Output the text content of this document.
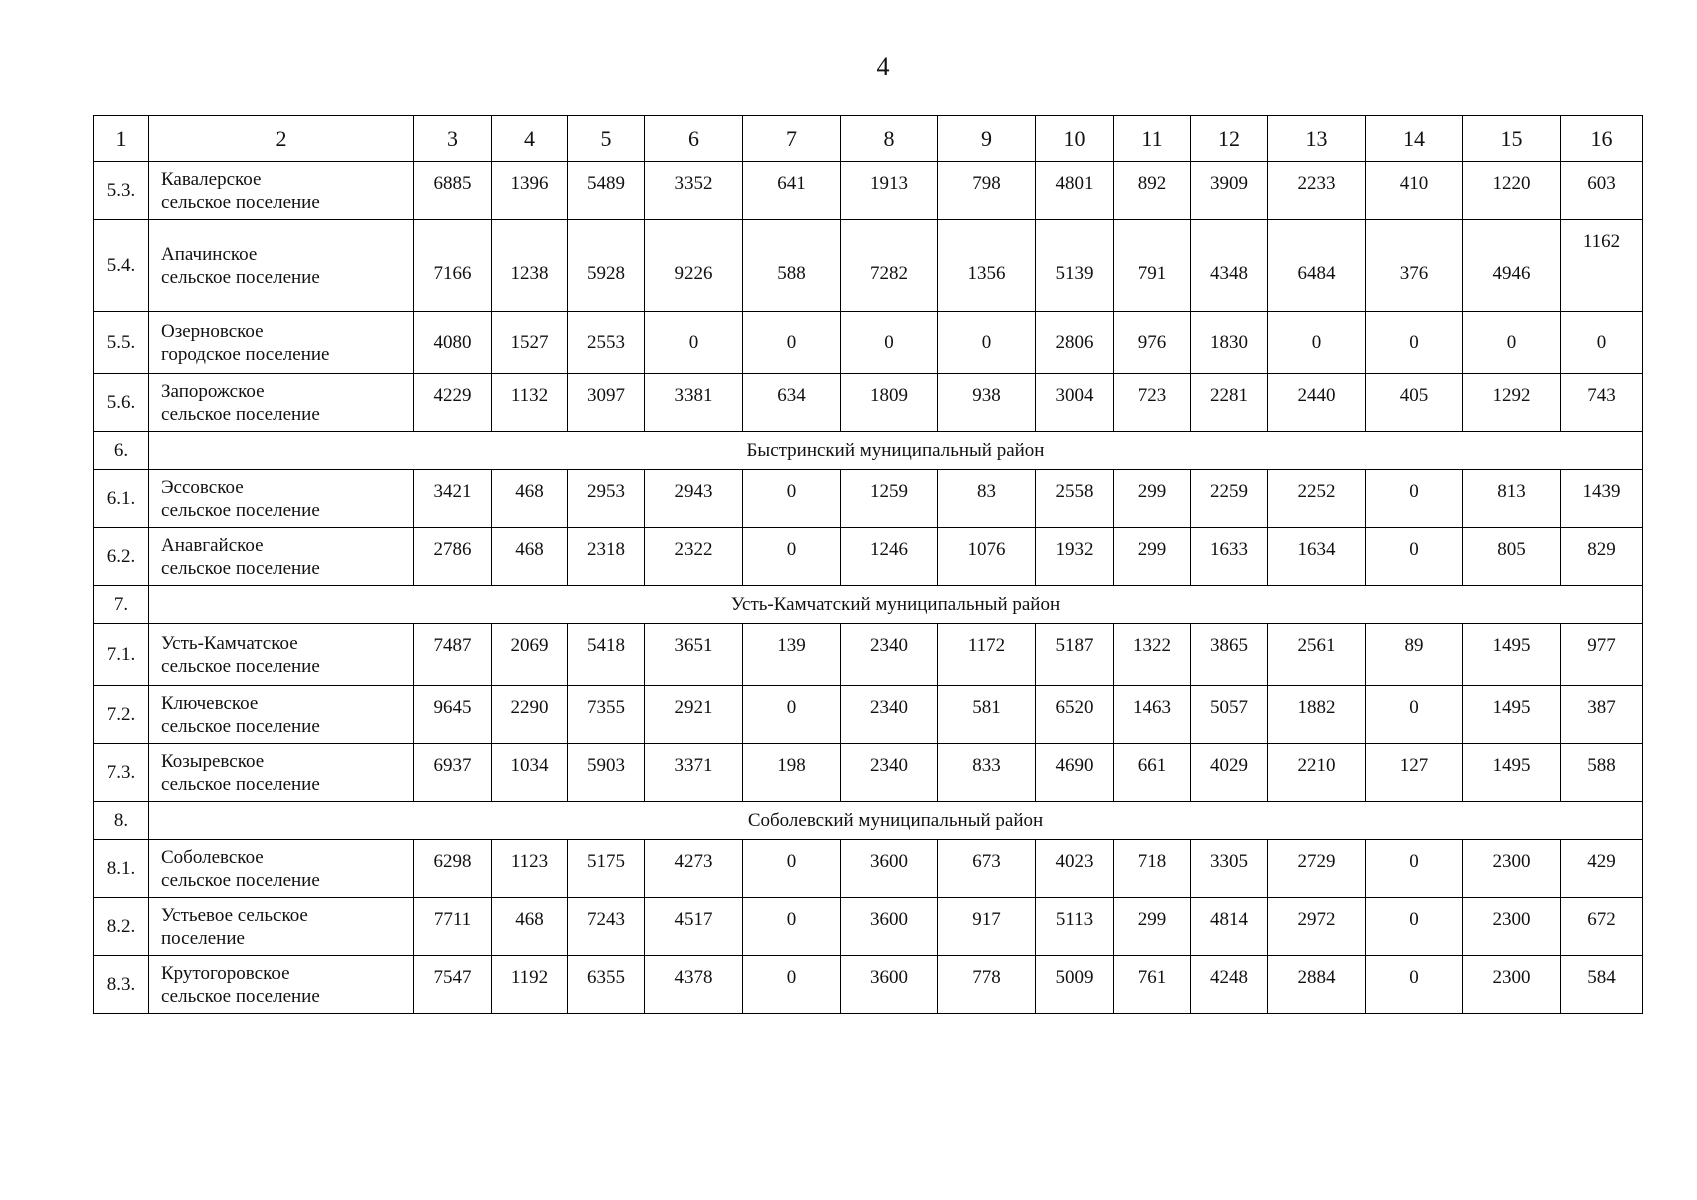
4
1	2	3	4	5	6	7	8	9	10	11	12	13	14	15	16
5.3.	Кавалерское
сельское поселение	6885	1396	5489	3352	641	1913	798	4801	892	3909	2233	410	1220	603
5.4.	Апачинское
сельское поселение	7166	1238	5928	9226	588	7282	1356	5139	791	4348	6484	376	4946	1162
5.5.	Озерновское
городское поселение	4080	1527	2553	0	0	0	0	2806	976	1830	0	0	0	0
5.6.	Запорожское
сельское поселение	4229	1132	3097	3381	634	1809	938	3004	723	2281	2440	405	1292	743
6.	Быстринский муниципальный район														
6.1.	Эссовское
сельское поселение	3421	468	2953	2943	0	1259	83	2558	299	2259	2252	0	813	1439
6.2.	Анавгайское
сельское поселение	2786	468	2318	2322	0	1246	1076	1932	299	1633	1634	0	805	829
7.	Усть-Камчатский муниципальный район														
7.1.	Усть-Камчатское
сельское поселение	7487	2069	5418	3651	139	2340	1172	5187	1322	3865	2561	89	1495	977
7.2.	Ключевское
сельское поселение	9645	2290	7355	2921	0	2340	581	6520	1463	5057	1882	0	1495	387
7.3.	Козыревское
сельское поселение	6937	1034	5903	3371	198	2340	833	4690	661	4029	2210	127	1495	588
8.	Соболевский муниципальный район														
8.1.	Соболевское
сельское поселение	6298	1123	5175	4273	0	3600	673	4023	718	3305	2729	0	2300	429
8.2.	Устьевое сельское
поселение	7711	468	7243	4517	0	3600	917	5113	299	4814	2972	0	2300	672
8.3.	Крутогоровское
сельское поселение	7547	1192	6355	4378	0	3600	778	5009	761	4248	2884	0	2300	584
